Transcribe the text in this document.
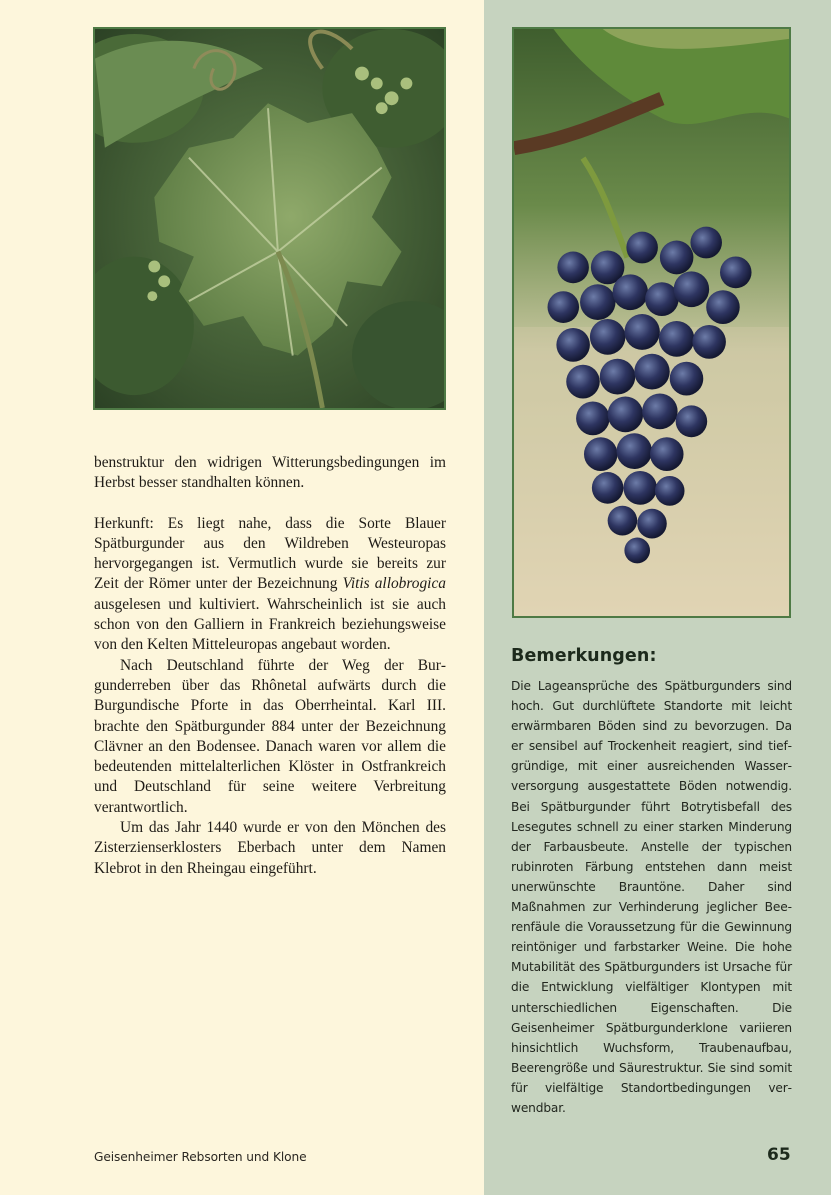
benstruktur den widrigen Witterungsbedingungen im Herbst besser standhalten können.

Herkunft: Es liegt nahe, dass die Sorte Blauer Spätburgunder aus den Wildreben Westeuropas hervorgegangen ist. Vermutlich wurde sie bereits zur Zeit der Römer unter der Bezeichnung Vitis allobrogica ausgelesen und kultiviert. Wahrscheinlich ist sie auch schon von den Galliern in Frankreich beziehungsweise von den Kelten Mitteleuropas angebaut worden.

Nach Deutschland führte der Weg der Burgunderreben über das Rhônetal aufwärts durch die Burgundische Pforte in das Oberrheintal. Karl III. brachte den Spätburgunder 884 unter der Bezeichnung Clävner an den Bodensee. Danach waren vor allem die bedeutenden mittelalterlichen Klöster in Ostfrankreich und Deutschland für seine weitere Verbreitung verantwortlich.

Um das Jahr 1440 wurde er von den Mönchen des Zisterzienserklosters Eberbach unter dem Namen Klebrot in den Rheingau eingeführt.

Bemerkungen:

Die Lageansprüche des Spätburgunders sind hoch. Gut durchlüftete Standorte mit leicht erwärmbaren Böden sind zu bevorzugen. Da er sensibel auf Trockenheit reagiert, sind tiefgründige, mit einer ausreichenden Wasserversorgung ausgestattete Böden notwendig. Bei Spätburgunder führt Botrytisbefall des Lesegutes schnell zu einer starken Minderung der Farbausbeute. Anstelle der typischen rubinroten Färbung entstehen dann meist unerwünschte Brauntöne. Daher sind Maßnahmen zur Verhinderung jeglicher Beerenfäule die Voraussetzung für die Gewinnung reintöniger und farbstarker Weine. Die hohe Mutabilität des Spätburgunders ist Ursache für die Entwicklung vielfältiger Klontypen mit unterschiedlichen Eigenschaften. Die Geisenheimer Spätburgunderklone variieren hinsichtlich Wuchsform, Traubenaufbau, Beerengröße und Säurestruktur. Sie sind somit für vielfältige Standortbedingungen verwendbar.

Geisenheimer Rebsorten und Klone	65
